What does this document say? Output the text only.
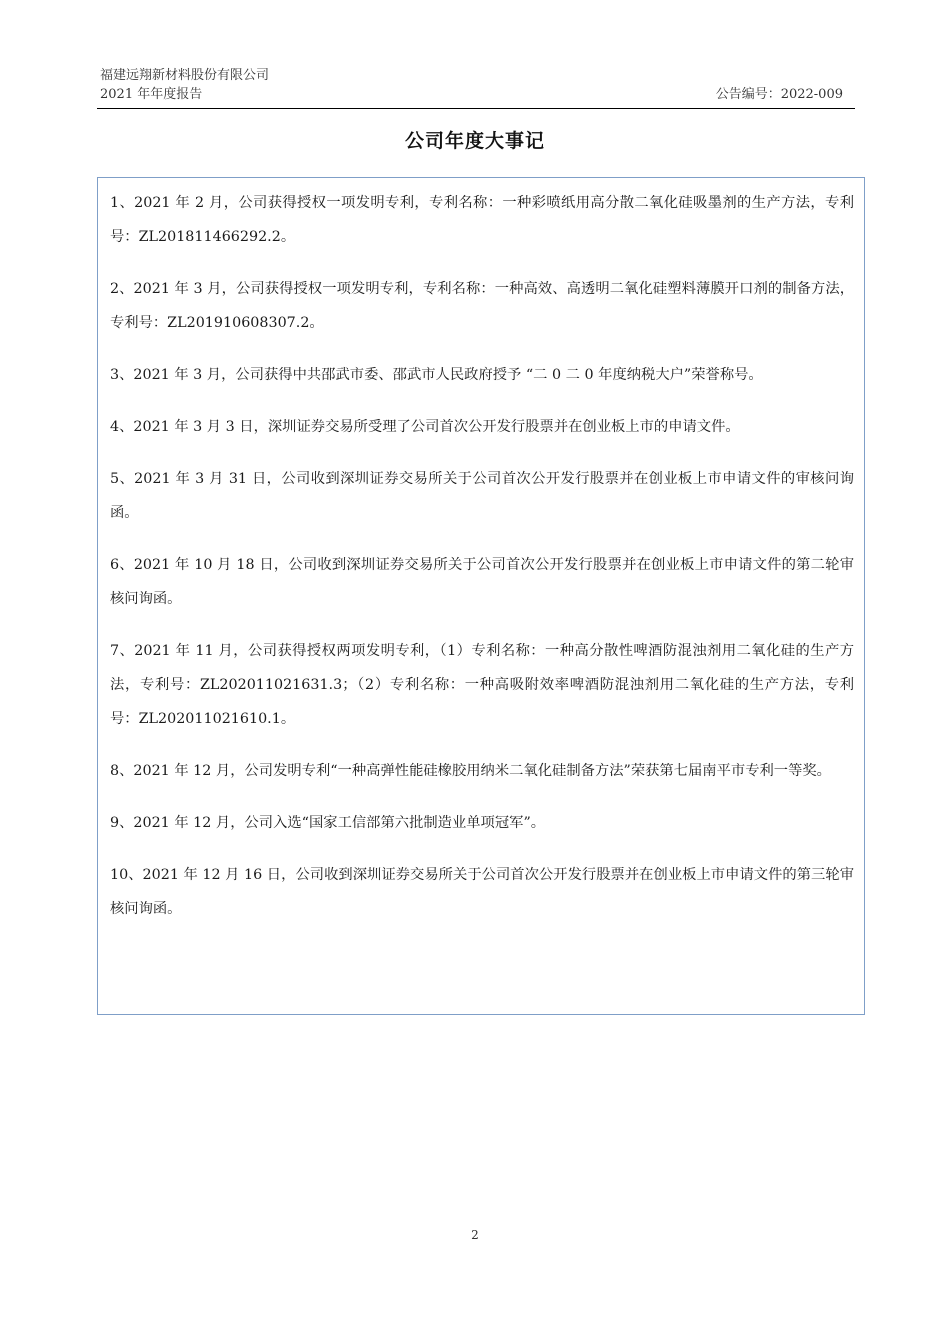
福建远翔新材料股份有限公司
2021 年年度报告	公告编号：2022-009
公司年度大事记
1、2021 年 2 月，公司获得授权一项发明专利，专利名称：一种彩喷纸用高分散二氧化硅吸墨剂的生产方法，专利号：ZL201811466292.2。
2、2021 年 3 月，公司获得授权一项发明专利，专利名称：一种高效、高透明二氧化硅塑料薄膜开口剂的制备方法，专利号：ZL201910608307.2。
3、2021 年 3 月，公司获得中共邵武市委、邵武市人民政府授予 “二 0 二 0 年度纳税大户”荣誉称号。
4、2021 年 3 月 3 日，深圳证券交易所受理了公司首次公开发行股票并在创业板上市的申请文件。
5、2021 年 3 月 31 日，公司收到深圳证券交易所关于公司首次公开发行股票并在创业板上市申请文件的审核问询函。
6、2021 年 10 月 18 日，公司收到深圳证券交易所关于公司首次公开发行股票并在创业板上市申请文件的第二轮审核问询函。
7、2021 年 11 月，公司获得授权两项发明专利，（1）专利名称：一种高分散性啤酒防混浊剂用二氧化硅的生产方法，专利号：ZL202011021631.3；（2）专利名称：一种高吸附效率啤酒防混浊剂用二氧化硅的生产方法，专利号：ZL202011021610.1。
8、2021 年 12 月，公司发明专利“一种高弹性能硅橡胶用纳米二氧化硅制备方法”荣获第七届南平市专利一等奖。
9、2021 年 12 月，公司入选“国家工信部第六批制造业单项冠军”。
10、2021 年 12 月 16 日，公司收到深圳证券交易所关于公司首次公开发行股票并在创业板上市申请文件的第三轮审核问询函。
2
